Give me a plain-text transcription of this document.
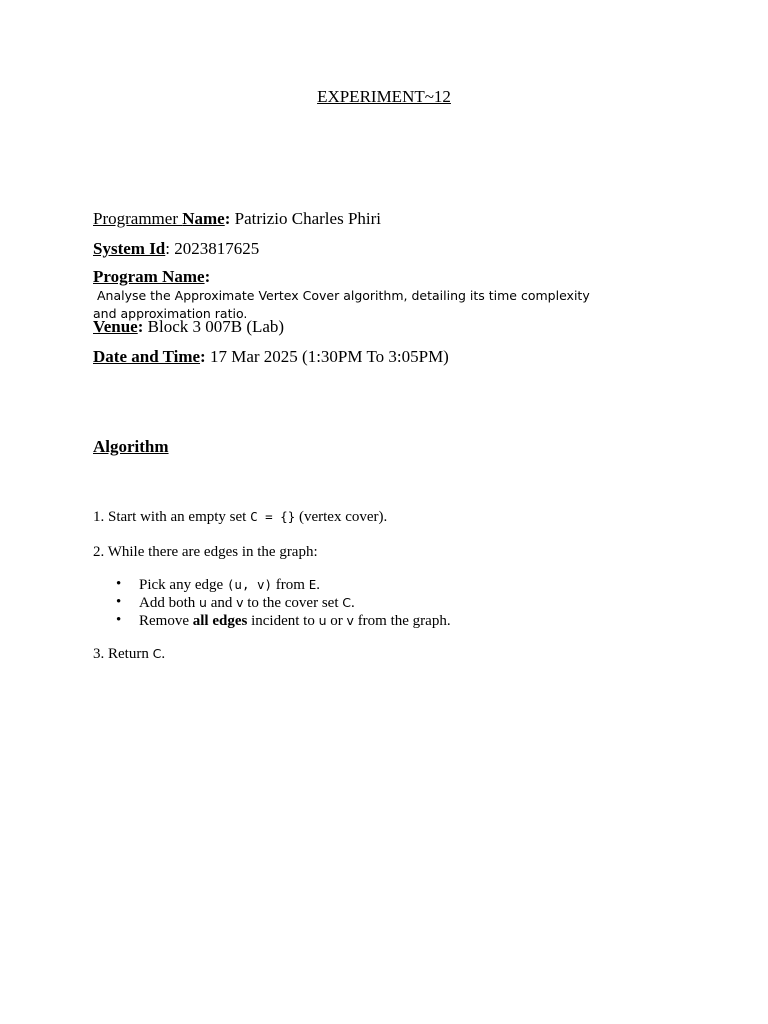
EXPERIMENT~12
Programmer Name: Patrizio Charles Phiri
System Id: 2023817625
Program Name: Analyse the Approximate Vertex Cover algorithm, detailing its time complexity
and approximation ratio.
Venue: Block 3 007B (Lab)
Date and Time: 17 Mar 2025 (1:30PM To 3:05PM)
Algorithm
1. Start with an empty set C = {} (vertex cover).
2. While there are edges in the graph:
• Pick any edge (u, v) from E.
• Add both u and v to the cover set C.
• Remove all edges incident to u or v from the graph.
3. Return C.
